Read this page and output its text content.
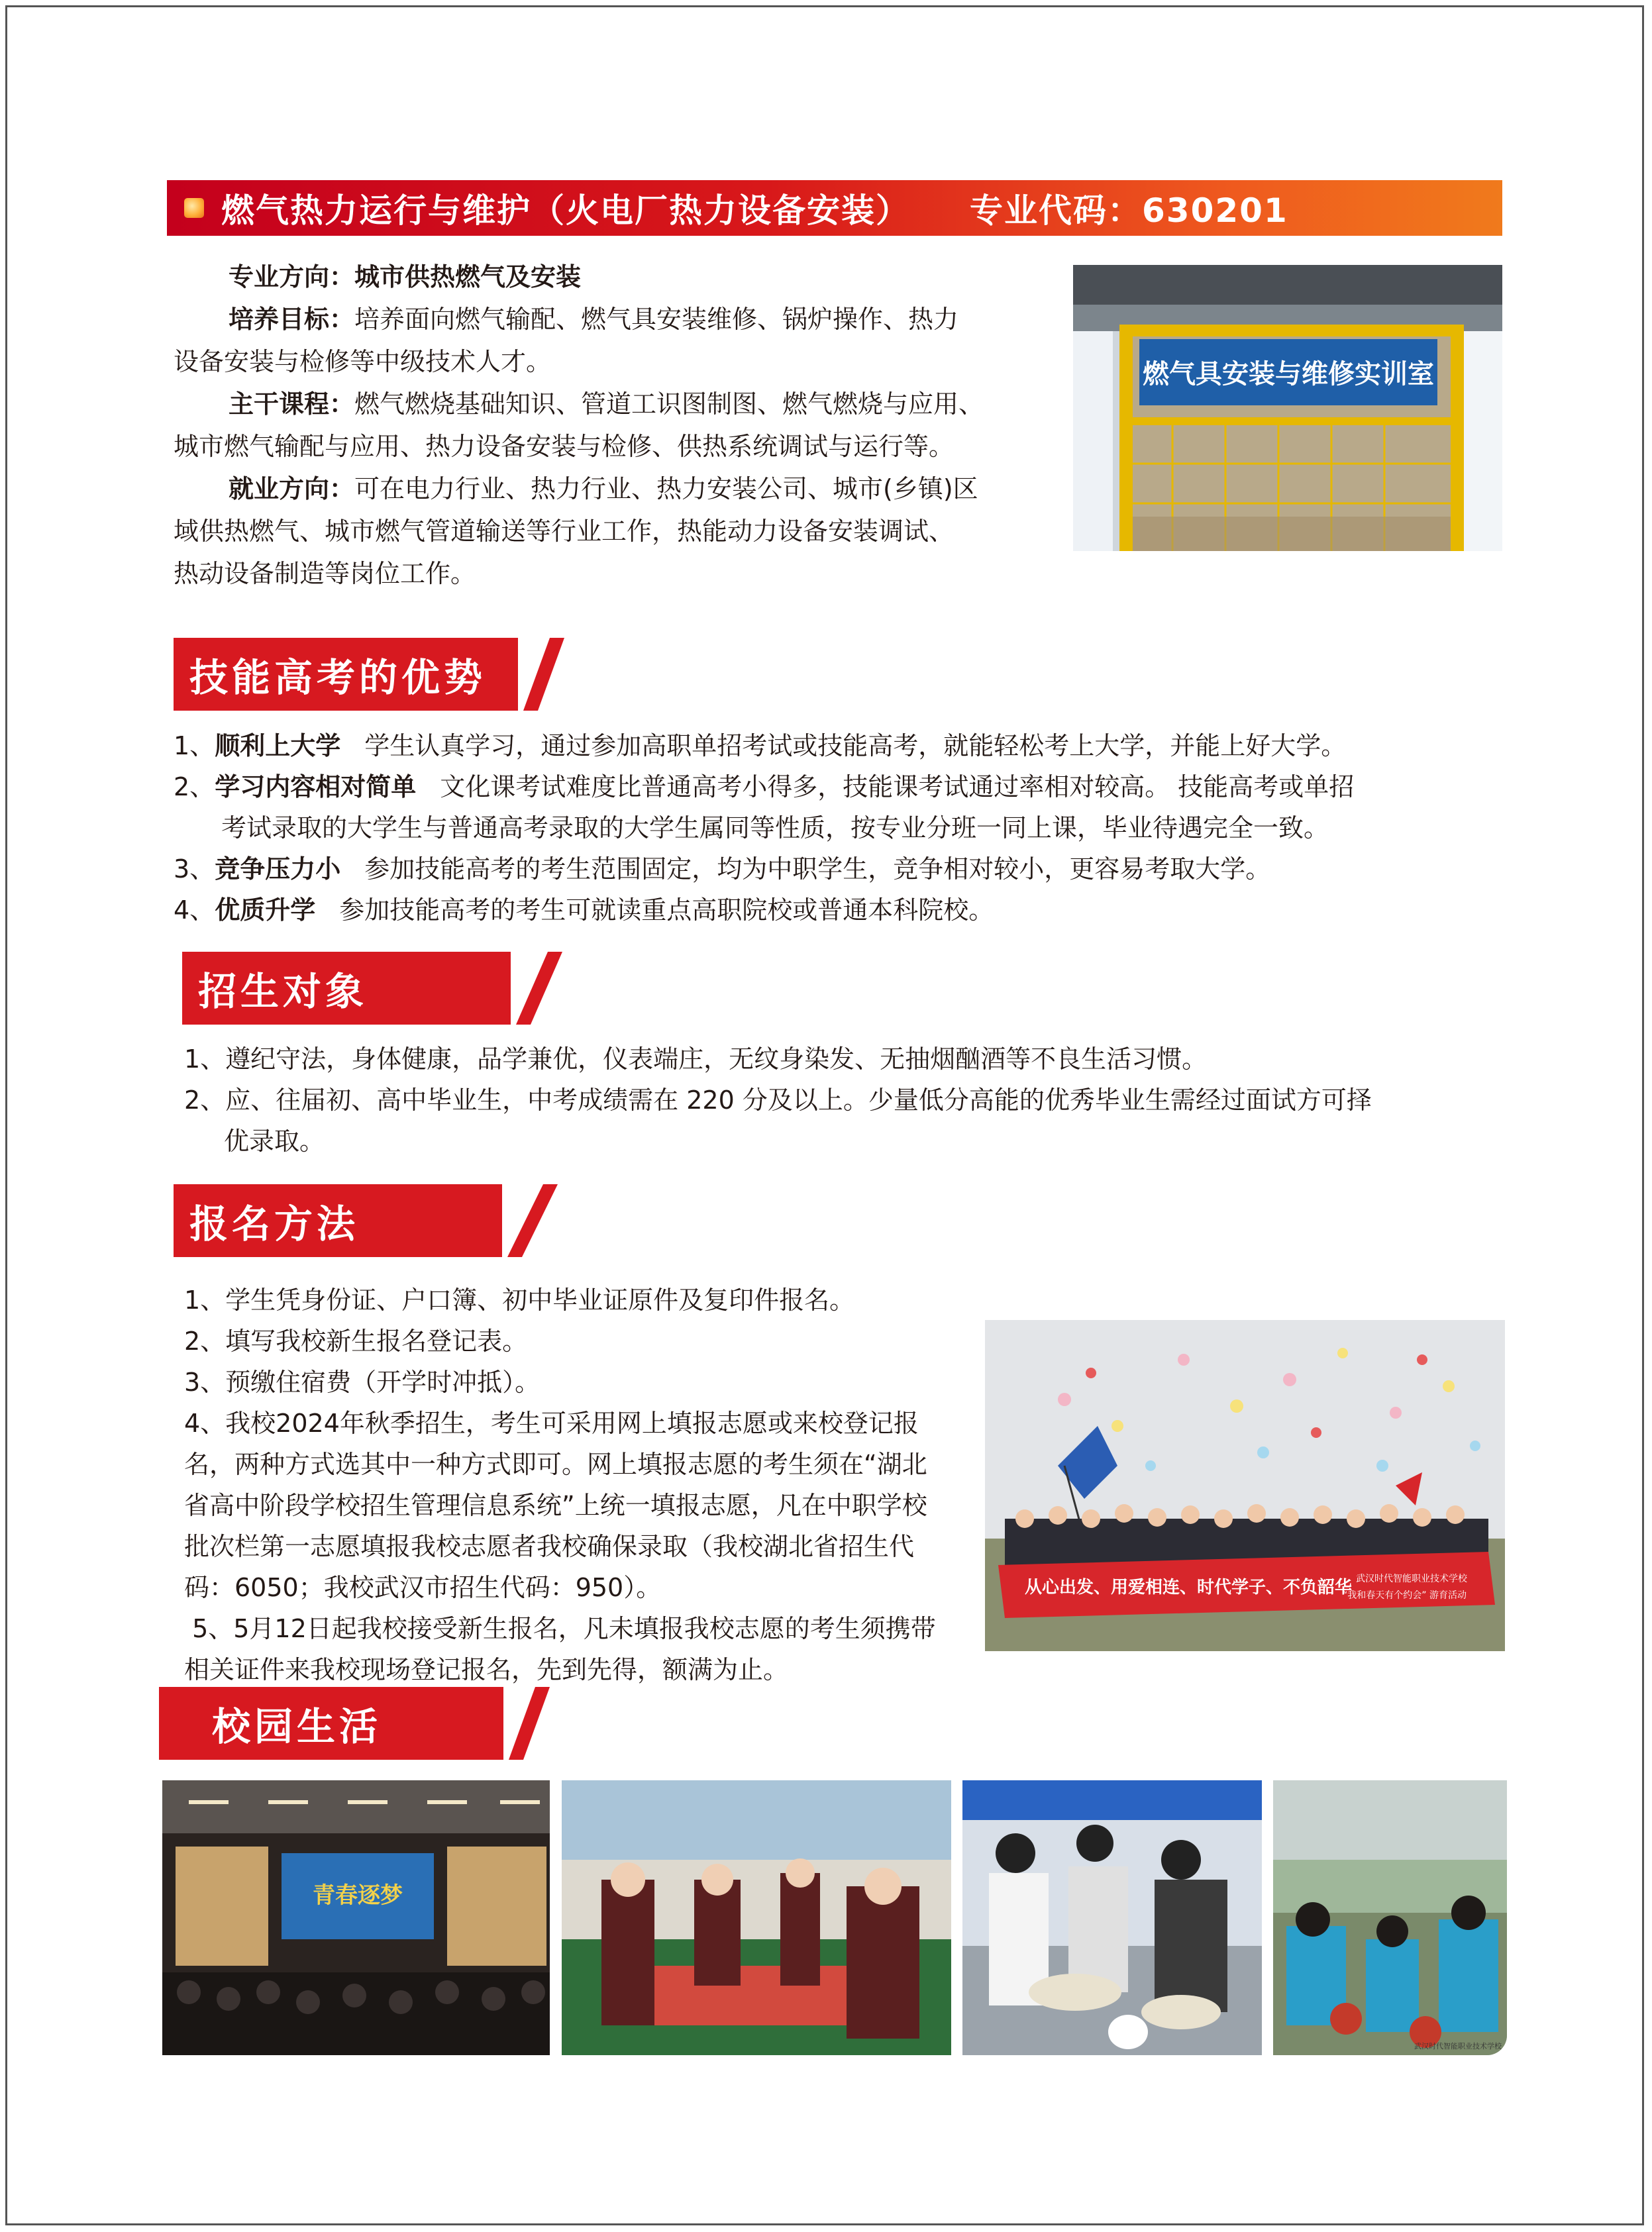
燃气热力运行与维护（火电厂热力设备安装） 专业代码：630201
专业方向：城市供热燃气及安装
培养目标：培养面向燃气输配、燃气具安装维修、锅炉操作、热力
设备安装与检修等中级技术人才。
主干课程：燃气燃烧基础知识、管道工识图制图、燃气燃烧与应用、
城市燃气输配与应用、热力设备安装与检修、供热系统调试与运行等。
就业方向：可在电力行业、热力行业、热力安装公司、城市(乡镇)区
域供热燃气、城市燃气管道输送等行业工作，热能动力设备安装调试、
热动设备制造等岗位工作。
燃气具安装与维修实训室
技能高考的优势
1、顺利上大学 学生认真学习，通过参加高职单招考试或技能高考，就能轻松考上大学，并能上好大学。
2、学习内容相对简单 文化课考试难度比普通高考小得多，技能课考试通过率相对较高。 技能高考或单招
考试录取的大学生与普通高考录取的大学生属同等性质，按专业分班一同上课，毕业待遇完全一致。
3、竞争压力小 参加技能高考的考生范围固定，均为中职学生，竞争相对较小，更容易考取大学。
4、优质升学 参加技能高考的考生可就读重点高职院校或普通本科院校。
招生对象
1、遵纪守法，身体健康，品学兼优，仪表端庄，无纹身染发、无抽烟酗酒等不良生活习惯。
2、应、往届初、高中毕业生，中考成绩需在 220 分及以上。少量低分高能的优秀毕业生需经过面试方可择
优录取。
报名方法
1、学生凭身份证、户口簿、初中毕业证原件及复印件报名。
2、填写我校新生报名登记表。
3、预缴住宿费（开学时冲抵）。
4、我校2024年秋季招生，考生可采用网上填报志愿或来校登记报
名，两种方式选其中一种方式即可。网上填报志愿的考生须在“湖北
省高中阶段学校招生管理信息系统”上统一填报志愿，凡在中职学校
批次栏第一志愿填报我校志愿者我校确保录取（我校湖北省招生代
码：6050；我校武汉市招生代码：950）。
5、5月12日起我校接受新生报名，凡未填报我校志愿的考生须携带
相关证件来我校现场登记报名，先到先得，额满为止。
从心出发、用爱相连、时代学子、不负韶华 武汉时代智能职业技术学校
“我和春天有个约会” 游育活动
校园生活
青春逐梦
武汉时代智能职业技术学校
